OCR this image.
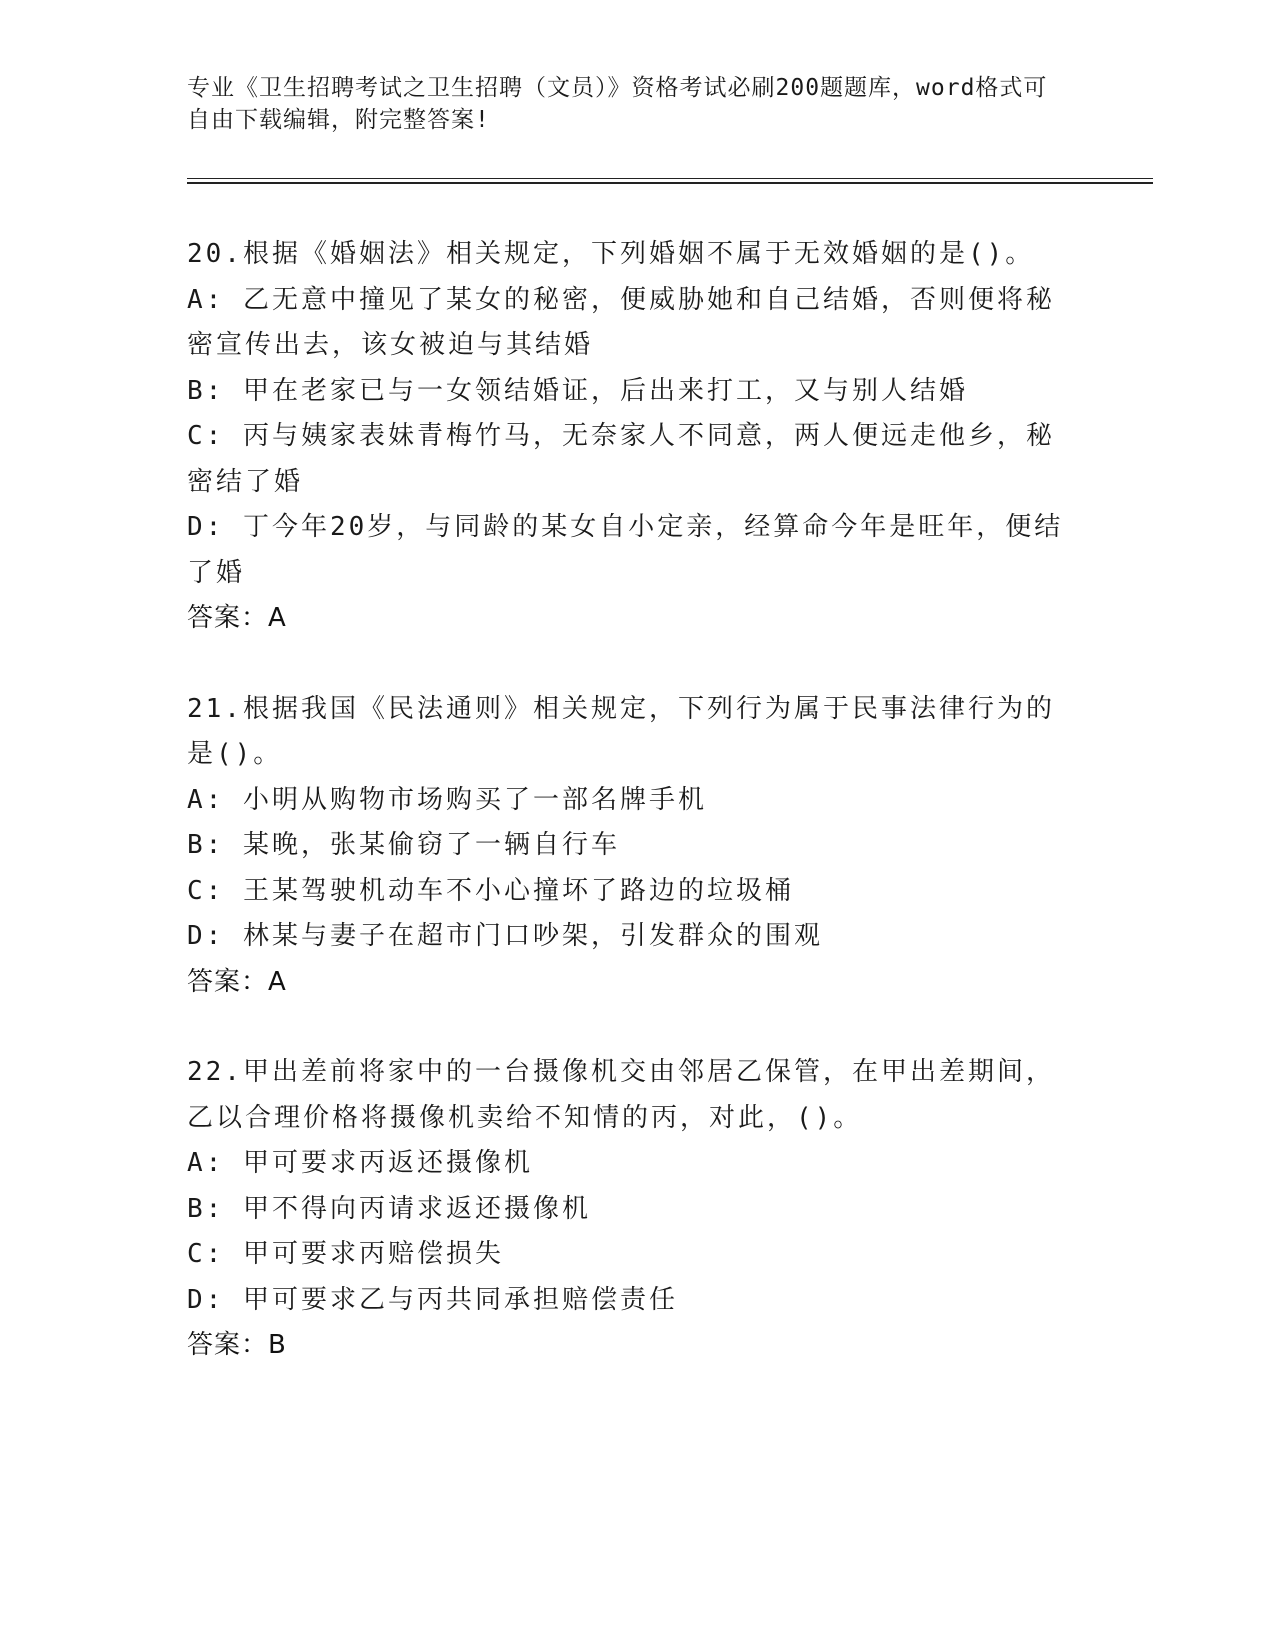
专业《卫生招聘考试之卫生招聘（文员）》资格考试必刷200题题库，word格式可自由下载编辑，附完整答案!

20.根据《婚姻法》相关规定，下列婚姻不属于无效婚姻的是()。

A: 乙无意中撞见了某女的秘密，便威胁她和自己结婚，否则便将秘密宣传出去，该女被迫与其结婚

B: 甲在老家已与一女领结婚证，后出来打工，又与别人结婚

C: 丙与姨家表妹青梅竹马，无奈家人不同意，两人便远走他乡，秘密结了婚

D: 丁今年20岁，与同龄的某女自小定亲，经算命今年是旺年，便结了婚

答案：A

21.根据我国《民法通则》相关规定，下列行为属于民事法律行为的是()。

A: 小明从购物市场购买了一部名牌手机

B: 某晚，张某偷窃了一辆自行车

C: 王某驾驶机动车不小心撞坏了路边的垃圾桶

D: 林某与妻子在超市门口吵架，引发群众的围观

答案：A

22.甲出差前将家中的一台摄像机交由邻居乙保管，在甲出差期间，乙以合理价格将摄像机卖给不知情的丙，对此，()。

A: 甲可要求丙返还摄像机

B: 甲不得向丙请求返还摄像机

C: 甲可要求丙赔偿损失

D: 甲可要求乙与丙共同承担赔偿责任

答案：B
